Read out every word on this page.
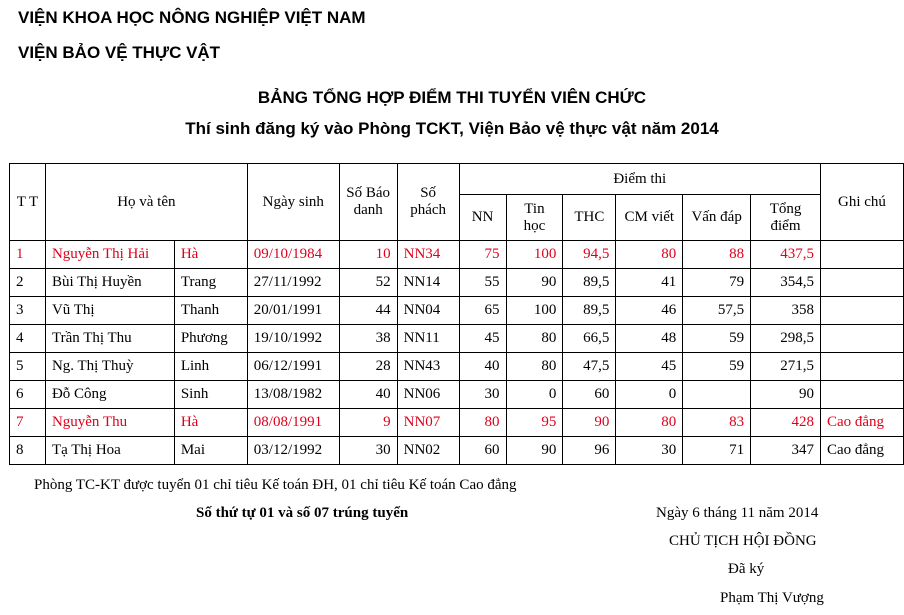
VIỆN KHOA HỌC NÔNG NGHIỆP VIỆT NAM
VIỆN BẢO VỆ THỰC VẬT
BẢNG TỔNG HỢP ĐIỂM THI TUYỂN VIÊN CHỨC
Thí sinh đăng ký vào Phòng TCKT, Viện Bảo vệ thực vật năm 2014
T T	Họ và tên		Ngày sinh	Số Báo danh	Số phách	Điểm thi						Ghi chú
						NN	Tin học	THC	CM viết	Vấn đáp	Tổng điểm	
1	Nguyễn Thị Hải	Hà	09/10/1984	10	NN34	75	100	94,5	80	88	437,5	
2	Bùi Thị Huyền	Trang	27/11/1992	52	NN14	55	90	89,5	41	79	354,5	
3	Vũ Thị	Thanh	20/01/1991	44	NN04	65	100	89,5	46	57,5	358	
4	Trần Thị Thu	Phương	19/10/1992	38	NN11	45	80	66,5	48	59	298,5	
5	Ng. Thị Thuỳ	Linh	06/12/1991	28	NN43	40	80	47,5	45	59	271,5	
6	Đỗ Công	Sinh	13/08/1982	40	NN06	30	0	60	0		90	
7	Nguyễn Thu	Hà	08/08/1991	9	NN07	80	95	90	80	83	428	Cao đẳng
8	Tạ Thị Hoa	Mai	03/12/1992	30	NN02	60	90	96	30	71	347	Cao đẳng
Phòng TC-KT được tuyển 01 chỉ tiêu Kế toán ĐH, 01 chỉ tiêu Kế toán Cao đẳng
Số thứ tự 01 và số 07 trúng tuyển	Ngày 6 tháng 11 năm 2014
CHỦ TỊCH HỘI ĐỒNG
Đã ký
Phạm Thị Vượng
